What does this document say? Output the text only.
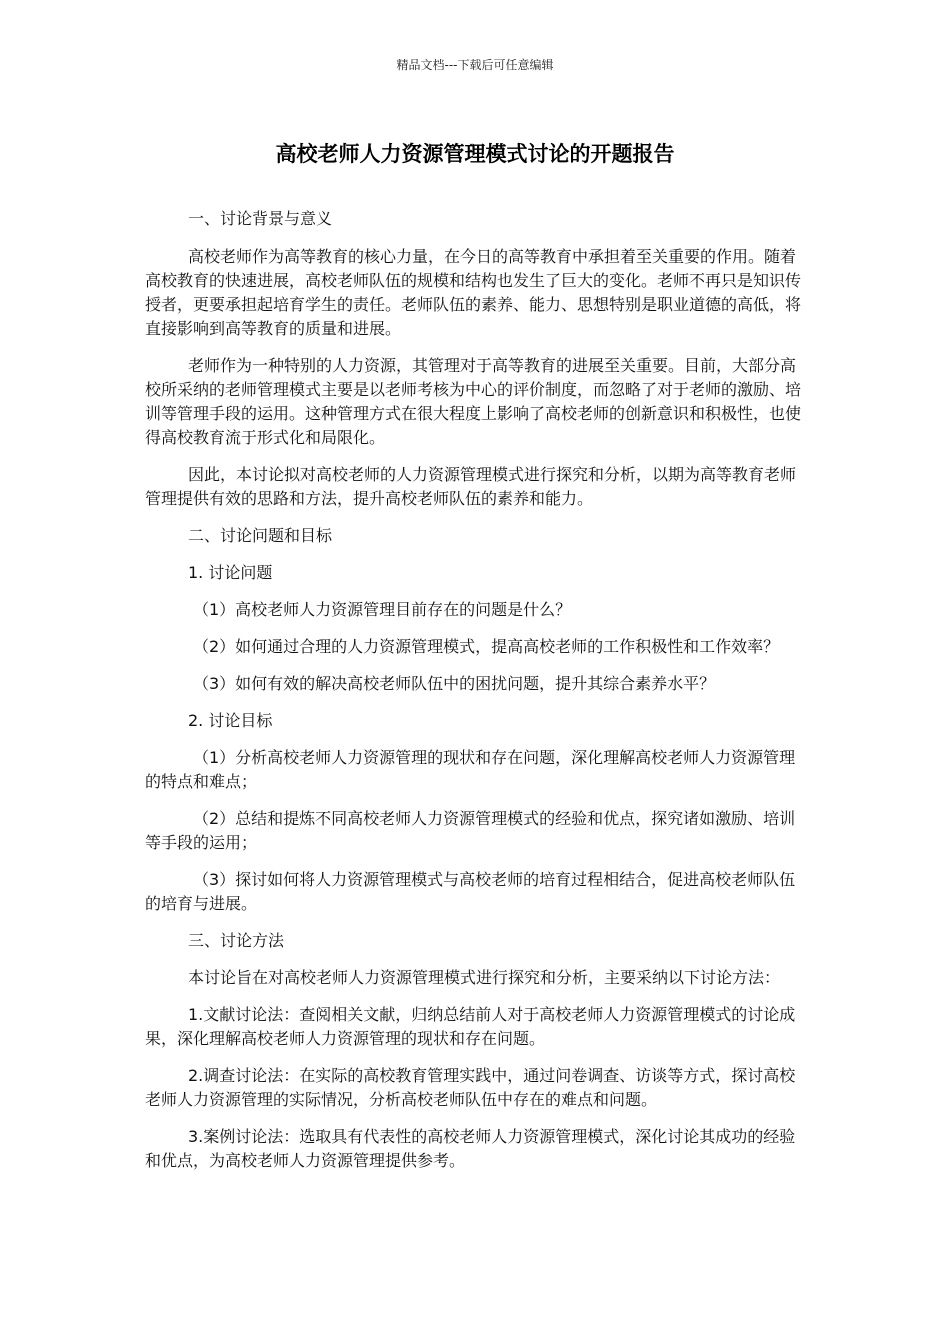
精品文档---下载后可任意编辑
高校老师人力资源管理模式讨论的开题报告

一、讨论背景与意义

高校老师作为高等教育的核心力量，在今日的高等教育中承担着至关重要的作用。随着高校教育的快速进展，高校老师队伍的规模和结构也发生了巨大的变化。老师不再只是知识传授者，更要承担起培育学生的责任。老师队伍的素养、能力、思想特别是职业道德的高低，将直接影响到高等教育的质量和进展。

老师作为一种特别的人力资源，其管理对于高等教育的进展至关重要。目前，大部分高校所采纳的老师管理模式主要是以老师考核为中心的评价制度，而忽略了对于老师的激励、培训等管理手段的运用。这种管理方式在很大程度上影响了高校老师的创新意识和积极性，也使得高校教育流于形式化和局限化。

因此，本讨论拟对高校老师的人力资源管理模式进行探究和分析，以期为高等教育老师管理提供有效的思路和方法，提升高校老师队伍的素养和能力。

二、讨论问题和目标

1. 讨论问题

（1）高校老师人力资源管理目前存在的问题是什么？

（2）如何通过合理的人力资源管理模式，提高高校老师的工作积极性和工作效率？

（3）如何有效的解决高校老师队伍中的困扰问题，提升其综合素养水平？

2. 讨论目标

（1）分析高校老师人力资源管理的现状和存在问题，深化理解高校老师人力资源管理的特点和难点；

（2）总结和提炼不同高校老师人力资源管理模式的经验和优点，探究诸如激励、培训等手段的运用；

（3）探讨如何将人力资源管理模式与高校老师的培育过程相结合，促进高校老师队伍的培育与进展。

三、讨论方法

本讨论旨在对高校老师人力资源管理模式进行探究和分析，主要采纳以下讨论方法：

1.文献讨论法：查阅相关文献，归纳总结前人对于高校老师人力资源管理模式的讨论成果，深化理解高校老师人力资源管理的现状和存在问题。

2.调查讨论法：在实际的高校教育管理实践中，通过问卷调查、访谈等方式，探讨高校老师人力资源管理的实际情况，分析高校老师队伍中存在的难点和问题。

3.案例讨论法：选取具有代表性的高校老师人力资源管理模式，深化讨论其成功的经验和优点，为高校老师人力资源管理提供参考。
